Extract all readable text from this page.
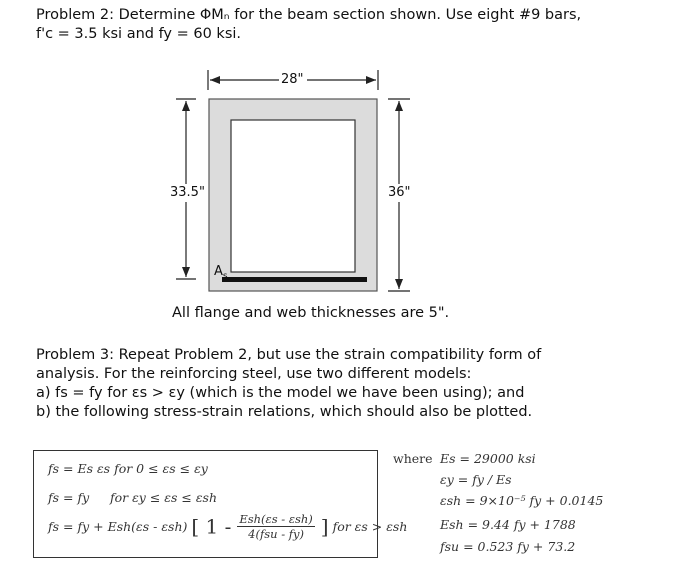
Problem 2: Determine ΦMₙ for the beam section shown. Use eight #9 bars,
f'c = 3.5 ksi and fy = 60 ksi.
28"
33.5"	36"
$A_s$
All flange and web thicknesses are 5".
Problem 3: Repeat Problem 2, but use the strain compatibility form of
analysis. For the reinforcing steel, use two different models:
a) fs = fy for εs > εy (which is the model we have been using); and
b) the following stress-strain relations, which should also be plotted.
fs = Es εs for 0 ≤ εs ≤ εy
fs = fy for εy ≤ εs ≤ εsh
fs = fy + Esh(εs - εsh) [ $1 - \frac{\text{Esh(εs - εsh)}}{\text{4(fsu - fy)}}$ ] for εs > εsh
where Es = 29000 ksi
εy = fy / Es
εsh = 9×10⁻⁵ fy + 0.0145
Esh = 9.44 fy + 1788
fsu = 0.523 fy + 73.2
